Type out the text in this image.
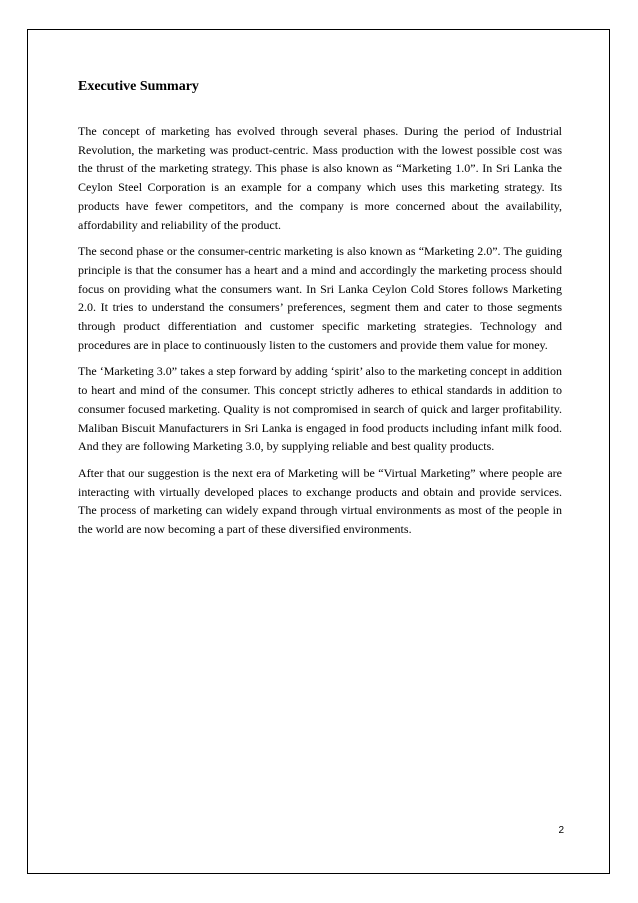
Executive Summary

The concept of marketing has evolved through several phases. During the period of Industrial Revolution, the marketing was product-centric. Mass production with the lowest possible cost was the thrust of the marketing strategy. This phase is also known as “Marketing 1.0”. In Sri Lanka the Ceylon Steel Corporation is an example for a company which uses this marketing strategy. Its products have fewer competitors, and the company is more concerned about the availability, affordability and reliability of the product.

The second phase or the consumer-centric marketing is also known as “Marketing 2.0”. The guiding principle is that the consumer has a heart and a mind and accordingly the marketing process should focus on providing what the consumers want. In Sri Lanka Ceylon Cold Stores follows Marketing 2.0. It tries to understand the consumers’ preferences, segment them and cater to those segments through product differentiation and customer specific marketing strategies. Technology and procedures are in place to continuously listen to the customers and provide them value for money.

The ‘Marketing 3.0” takes a step forward by adding ‘spirit’ also to the marketing concept in addition to heart and mind of the consumer. This concept strictly adheres to ethical standards in addition to consumer focused marketing. Quality is not compromised in search of quick and larger profitability. Maliban Biscuit Manufacturers in Sri Lanka is engaged in food products including infant milk food. And they are following Marketing 3.0, by supplying reliable and best quality products.

After that our suggestion is the next era of Marketing will be “Virtual Marketing” where people are interacting with virtually developed places to exchange products and obtain and provide services. The process of marketing can widely expand through virtual environments as most of the people in the world are now becoming a part of these diversified environments.

2
